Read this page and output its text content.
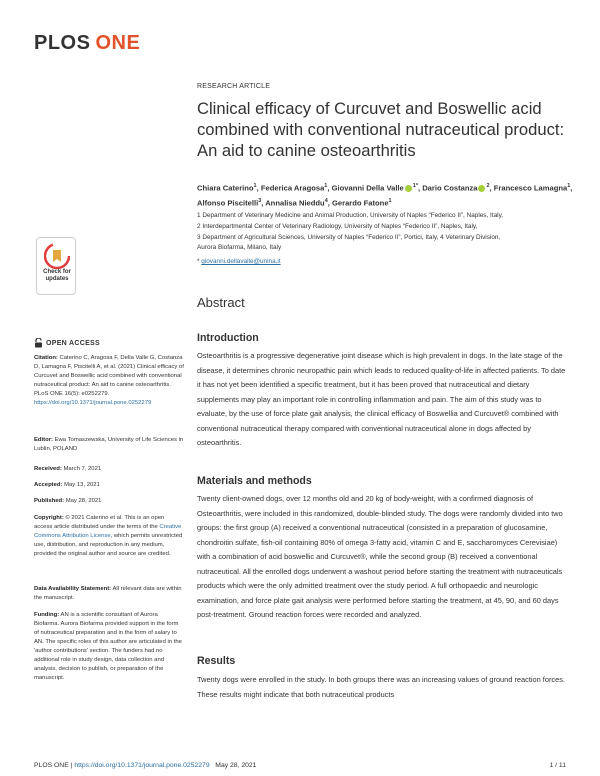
PLOS ONE
RESEARCH ARTICLE
Clinical efficacy of Curcuvet and Boswellic acid combined with conventional nutraceutical product: An aid to canine osteoarthritis
Chiara Caterino$^1$, Federica Aragosa$^1$, Giovanni Della Valle $^{1*}$, Dario Costanza $^2$, Francesco Lamagna$^1$, Alfonso Piscitelli$^3$, Annalisa Nieddu$^4$, Gerardo Fatone$^1$
1 Department of Veterinary Medicine and Animal Production, University of Naples “Federico II”, Naples, Italy,
2 Interdepartmental Center of Veterinary Radiology, University of Naples “Federico II”, Naples, Italy,
3 Department of Agricultural Sciences, University of Naples “Federico II”, Portici, Italy, 4 Veterinary Division,
Aurora Biofarma, Milano, Italy
* giovanni.dellavalle@unina.it
Check for
updates
OPEN ACCESS
Citation: Caterino C, Aragosa F, Della Valle G, Costanza D, Lamagna F, Piscitelli A, et al. (2021) Clinical efficacy of Curcuvet and Boswellic acid combined with conventional nutraceutical product: An aid to canine osteoarthritis. PLoS ONE 16(5): e0252279. https://doi.org/10.1371/journal.pone.0252279
Editor: Ewa Tomaszewska, University of Life Sciences in Lublin, POLAND
Received: March 7, 2021
Accepted: May 13, 2021
Published: May 28, 2021
Copyright: © 2021 Caterino et al. This is an open access article distributed under the terms of the Creative Commons Attribution License, which permits unrestricted use, distribution, and reproduction in any medium, provided the original author and source are credited.
Data Availability Statement: All relevant data are within the manuscript.
Funding: AN is a scientific consultant of Aurora Biofarma. Aurora Biofarma provided support in the form of nutraceutical preparation and in the form of salary to AN. The specific roles of this author are articulated in the 'author contributions' section. The funders had no additional role in study design, data collection and analysis, decision to publish, or preparation of the manuscript.
Abstract
Introduction
Osteoarthritis is a progressive degenerative joint disease which is high prevalent in dogs. In the late stage of the disease, it determines chronic neuropathic pain which leads to reduced quality-of-life in affected patients. To date it has not yet been identified a specific treatment, but it has been proved that nutraceutical and dietary supplements may play an important role in controlling inflammation and pain. The aim of this study was to evaluate, by the use of force plate gait analysis, the clinical efficacy of Boswellia and Curcuvet® combined with conventional nutraceutical therapy compared with conventional nutraceutical alone in dogs affected by osteoarthritis.
Materials and methods
Twenty client-owned dogs, over 12 months old and 20 kg of body-weight, with a confirmed diagnosis of Osteoarthritis, were included in this randomized, double-blinded study. The dogs were randomly divided into two groups: the first group (A) received a conventional nutraceutical (consisted in a preparation of glucosamine, chondroitin sulfate, fish-oil containing 80% of omega 3-fatty acid, vitamin C and E, saccharomyces Cerevisiae) with a combination of acid boswellic and Curcuvet®, while the second group (B) received a conventional nutraceutical. All the enrolled dogs underwent a washout period before starting the treatment with nutraceuticals products which were the only admitted treatment over the study period. A full orthopaedic and neurologic examination, and force plate gait analysis were performed before starting the treatment, at 45, 90, and 60 days post-treatment. Ground reaction forces were recorded and analyzed.
Results
Twenty dogs were enrolled in the study. In both groups there was an increasing values of ground reaction forces. These results might indicate that both nutraceutical products
PLOS ONE | https://doi.org/10.1371/journal.pone.0252279 May 28, 2021	1 / 11
